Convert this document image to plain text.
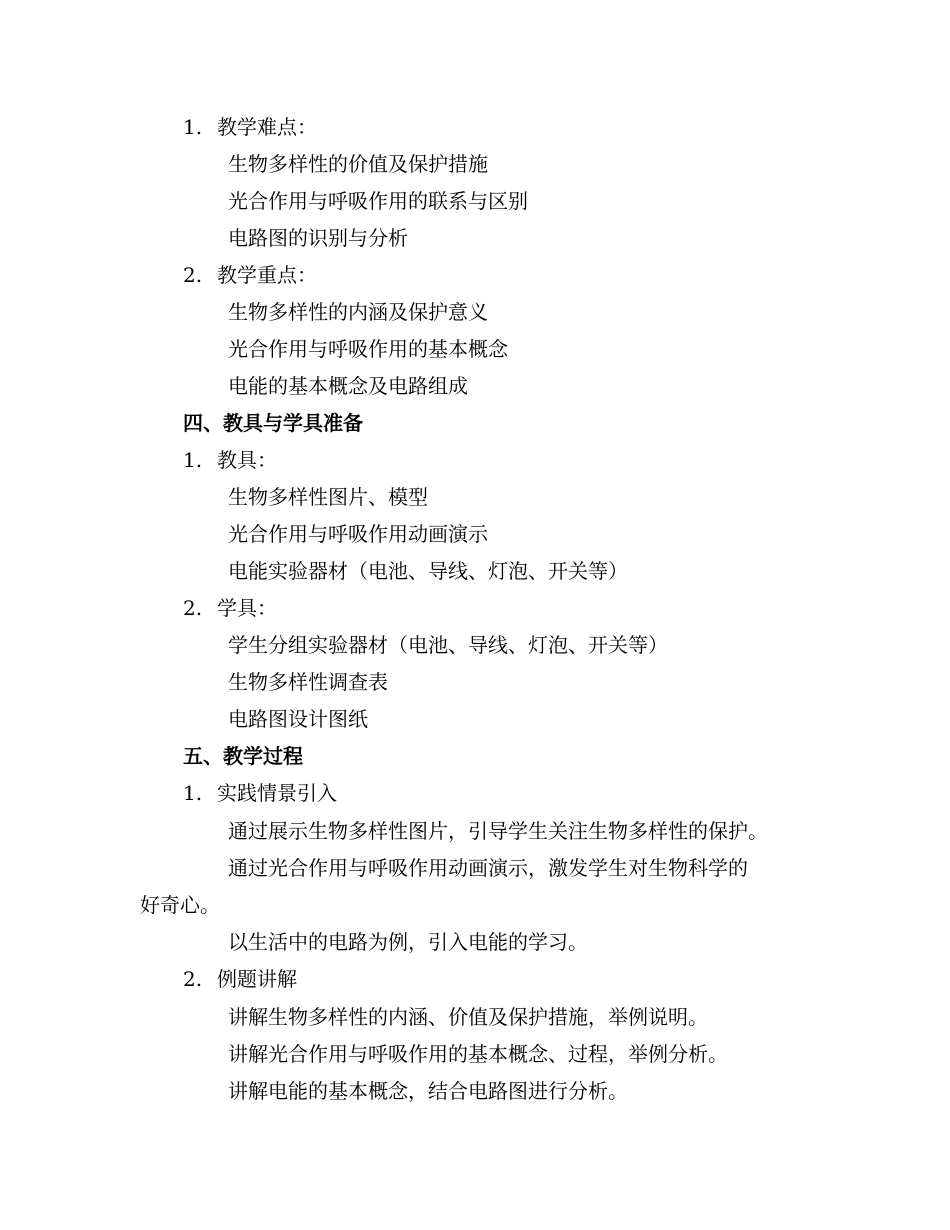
1. 教学难点：
生物多样性的价值及保护措施
光合作用与呼吸作用的联系与区别
电路图的识别与分析
2. 教学重点：
生物多样性的内涵及保护意义
光合作用与呼吸作用的基本概念
电能的基本概念及电路组成
四、教具与学具准备
1. 教具：
生物多样性图片、模型
光合作用与呼吸作用动画演示
电能实验器材（电池、导线、灯泡、开关等）
2. 学具：
学生分组实验器材（电池、导线、灯泡、开关等）
生物多样性调查表
电路图设计图纸
五、教学过程
1. 实践情景引入
通过展示生物多样性图片，引导学生关注生物多样性的保护。
通过光合作用与呼吸作用动画演示，激发学生对生物科学的
好奇心。
以生活中的电路为例，引入电能的学习。
2. 例题讲解
讲解生物多样性的内涵、价值及保护措施，举例说明。
讲解光合作用与呼吸作用的基本概念、过程，举例分析。
讲解电能的基本概念，结合电路图进行分析。
